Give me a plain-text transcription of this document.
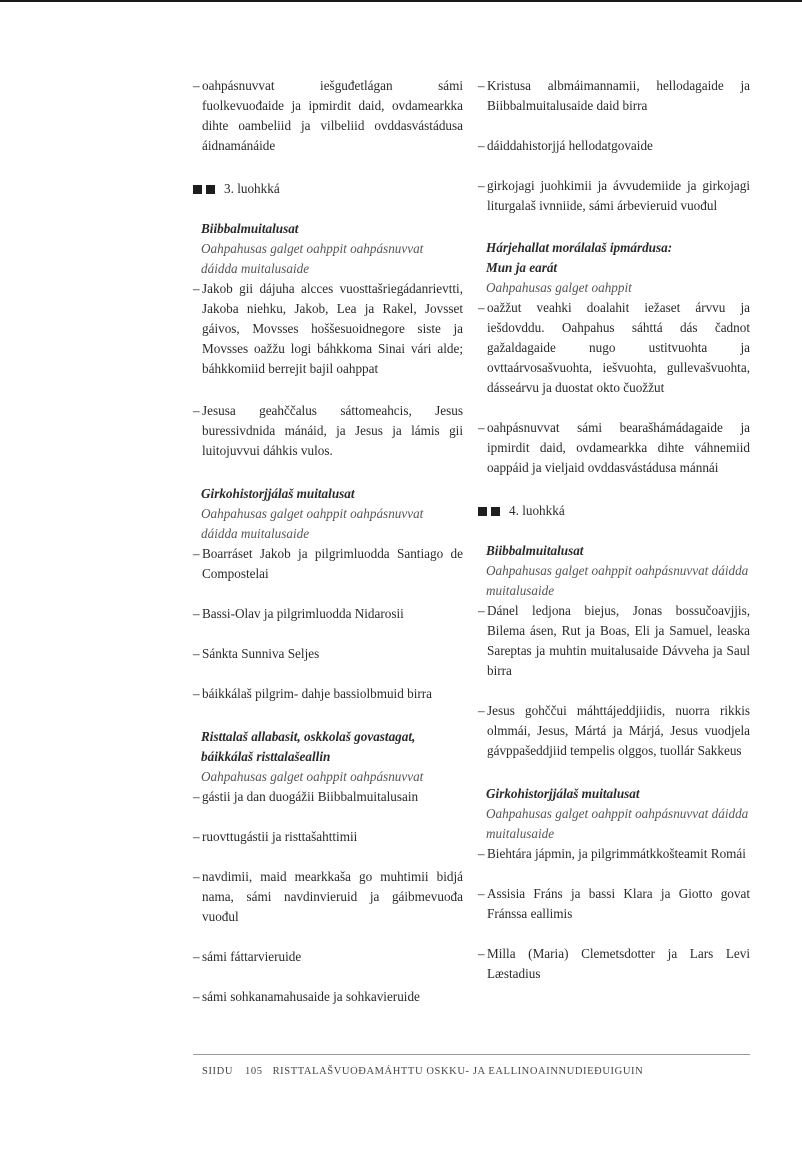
– oahpásnuvvat iešguđetlágan sámi fuolkevuođaide ja ipmirdit daid, ovdamearkka dihte oambeliid ja vilbeliid ovddasvástádusa áidnamánáide
3. luohkká

Biibbalmuitalusat

Oahpahusas galget oahppit oahpásnuvvat dáidda muitalusaide

– Jakob gii dájuha alcces vuosttašriegádanrievtti, Jakoba niehku, Jakob, Lea ja Rakel, Jovsset gáivos, Movsses hoššesuoidnegore siste ja Movsses oažžu logi báhkkoma Sinai vári alde; báhkkomiid berrejit bajil oahppat
– Jesusa geahččalus sáttomeahcis, Jesus buressivdnida mánáid, ja Jesus ja lámis gii luitojuvvui dáhkis vulos.

Girkohistorjjálaš muitalusat

Oahpahusas galget oahppit oahpásnuvvat dáidda muitalusaide

– Boarráset Jakob ja pilgrimluodda Santiago de Compostelai
– Bassi-Olav ja pilgrimluodda Nidarosii
– Sánkta Sunniva Seljes
– báikkálaš pilgrim- dahje bassiolbmuid birra

Risttalaš allabasit, oskkolaš govastagat,

báikkálaš risttalašeallin

Oahpahusas galget oahppit oahpásnuvvat

– gástii ja dan duogážii Biibbalmuitalusain
– ruovttugástii ja risttašahttimii
– navdimii, maid mearkkaša go muhtimii bidjá nama, sámi navdinvieruid ja gáibmevuođa vuođul
– sámi fáttarvieruide
– sámi sohkanamahusaide ja sohkavieruide
– Kristusa albmáimannamii, hellodagaide ja Biibbalmuitalusaide daid birra
– dáiddahistorjjá hellodatgovaide
– girkojagi juohkimii ja ávvudemiide ja girkojagi liturgalaš ivnniide, sámi árbevieruid vuođul

Hárjehallat morálalaš ipmárdusa:

Mun ja earát

Oahpahusas galget oahppit

– oažžut veahki doalahit iežaset árvvu ja iešdovddu. Oahpahus sáhttá dás čadnot gažaldagaide nugo ustitvuohta ja ovttaárvosašvuohta, iešvuohta, gullevašvuohta, dásseárvu ja duostat okto čuožžut
– oahpásnuvvat sámi bearašhámádagaide ja ipmirdit daid, ovdamearkka dihte váhnemiid oappáid ja vieljaid ovddasvástádusa mánnái
4. luohkká

Biibbalmuitalusat

Oahpahusas galget oahppit oahpásnuvvat dáidda muitalusaide

– Dánel ledjona biejus, Jonas bossučoavjjis, Bilema ásen, Rut ja Boas, Eli ja Samuel, leaska Sareptas ja muhtin muitalusaide Dávveha ja Saul birra
– Jesus gohččui máhttájeddjiidis, nuorra rikkis olmmái, Jesus, Mártá ja Márjá, Jesus vuodjela gávppašeddjiid tempelis olggos, tuollár Sakkeus

Girkohistorjjálaš muitalusat

Oahpahusas galget oahppit oahpásnuvvat dáidda muitalusaide

– Biehtára jápmin, ja pilgrimmátkkošteamit Romái
– Assisia Fráns ja bassi Klara ja Giotto govat Fránssa eallimis
– Milla (Maria) Clemetsdotter ja Lars Levi Læstadius
SIIDU 105 RISTTALAŠVUOĐAMÁHTTU OSKKU- JA EALLINOAINNUDIEĐUIGUIN
